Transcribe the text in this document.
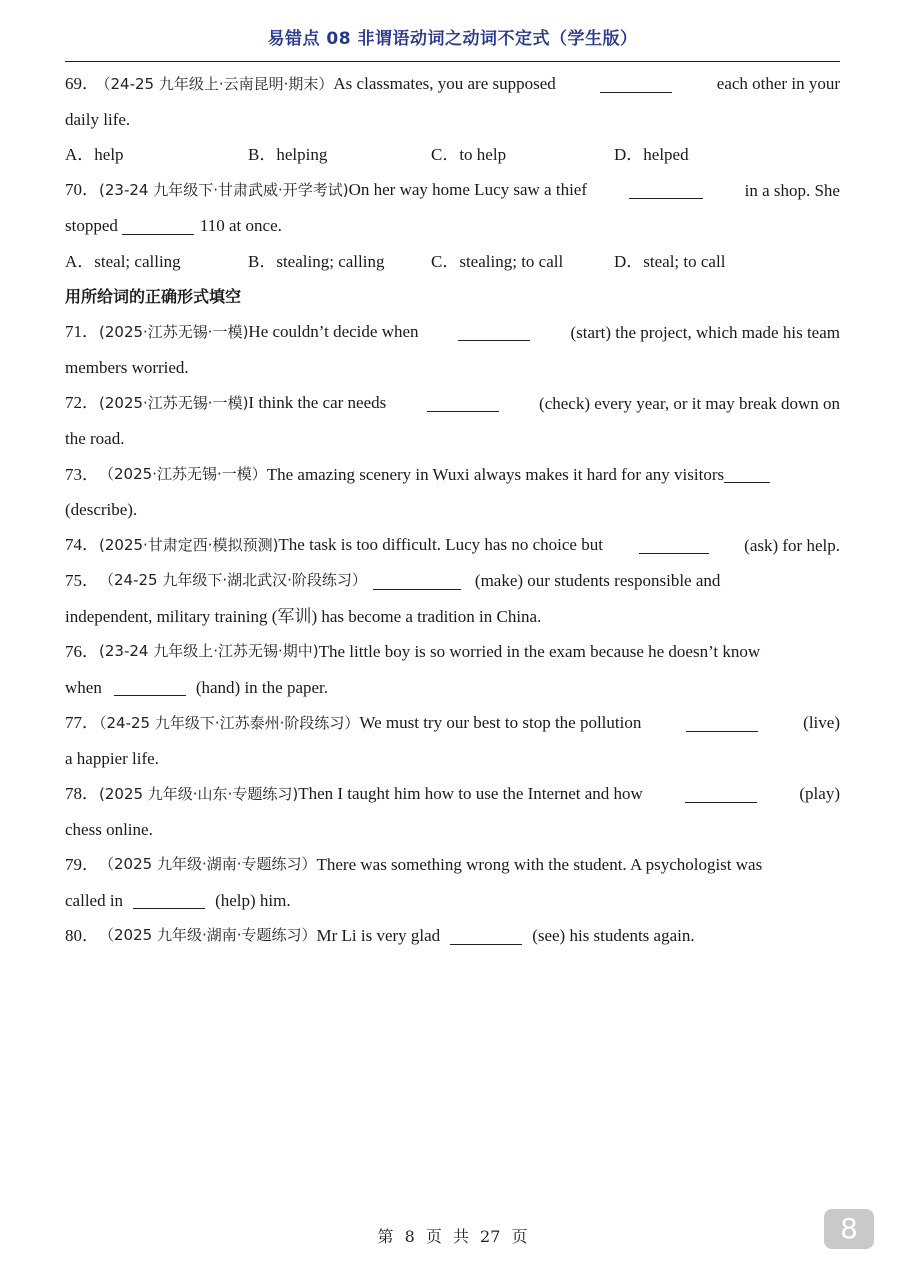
易错点 08 非谓语动词之动词不定式（学生版）
69． （24-25 九年级上·云南昆明·期末）As classmates, you are supposed	each other in your
daily life.
A．help	B．helping	C．to help	D．helped
70．(23-24 九年级下·甘肃武威·开学考试)On her way home Lucy saw a thief	in a shop. She
stopped	110 at once.
A．steal; calling	B．stealing; calling	C．stealing; to call	D．steal; to call
用所给词的正确形式填空
71．(2025·江苏无锡·一模)He couldn’t decide when	(start) the project, which made his team
members worried.
72．(2025·江苏无锡·一模)I think the car needs	(check) every year, or it may break down on
the road.
73． （2025·江苏无锡·一模） The amazing scenery in Wuxi always makes it hard for any visitors
(describe).
74．(2025·甘肃定西·模拟预测)The task is too difficult. Lucy has no choice but	(ask) for help.
75． （24-25 九年级下·湖北武汉·阶段练习）	(make) our students responsible and
independent, military training (军训) has become a tradition in China.
76． (23-24 九年级上·江苏无锡·期中) The little boy is so worried in the exam because he doesn’t know
when	(hand) in the paper.
77．（24-25 九年级下·江苏泰州·阶段练习）We must try our best to stop the pollution	(live)
a happier life.
78．(2025 九年级·山东·专题练习)Then I taught him how to use the Internet and how	(play)
chess online.
79． （2025 九年级·湖南·专题练习） There was something wrong with the student. A psychologist was
called in	(help) him.
80． （2025 九年级·湖南·专题练习） Mr Li is very glad	(see) his students again.
第 8 页 共 27 页	8
